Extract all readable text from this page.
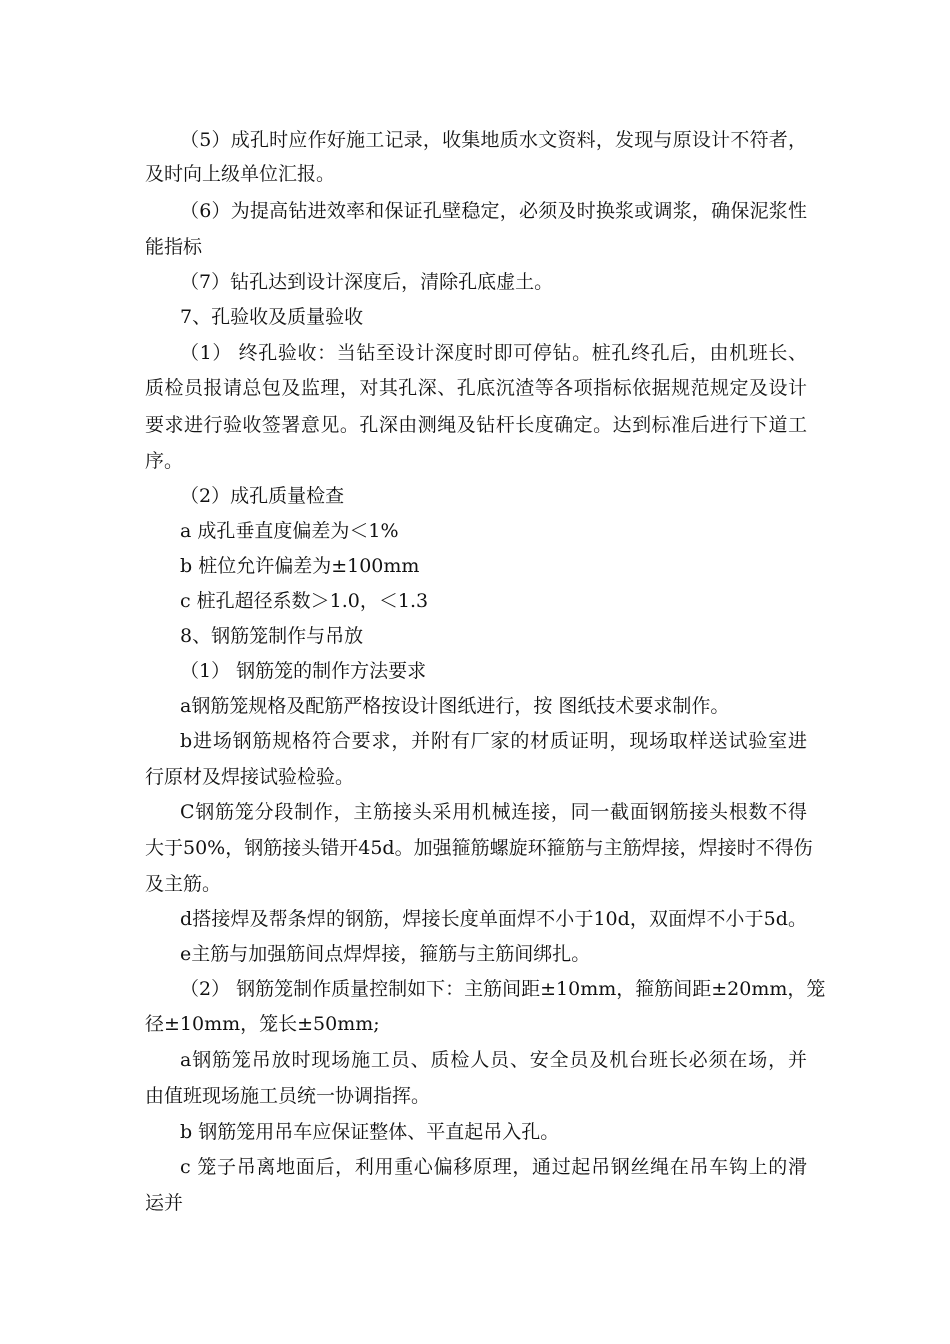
（5）成孔时应作好施工记录，收集地质水文资料，发现与原设计不符者，
及时向上级单位汇报。
（6）为提高钻进效率和保证孔壁稳定，必须及时换浆或调浆，确保泥浆性
能指标
（7）钻孔达到设计深度后，清除孔底虚土。
7、孔验收及质量验收
（1） 终孔验收：当钻至设计深度时即可停钻。桩孔终孔后，由机班长、
质检员报请总包及监理，对其孔深、孔底沉渣等各项指标依据规范规定及设计
要求进行验收签署意见。孔深由测绳及钻杆长度确定。达到标准后进行下道工
序。
（2）成孔质量检查
a 成孔垂直度偏差为＜1%
b 桩位允许偏差为±100mm
c 桩孔超径系数＞1.0，＜1.3
8、钢筋笼制作与吊放
（1） 钢筋笼的制作方法要求
a钢筋笼规格及配筋严格按设计图纸进行，按 图纸技术要求制作。
b进场钢筋规格符合要求，并附有厂家的材质证明，现场取样送试验室进
行原材及焊接试验检验。
C钢筋笼分段制作，主筋接头采用机械连接，同一截面钢筋接头根数不得
大于50%，钢筋接头错开45d。加强箍筋螺旋环箍筋与主筋焊接，焊接时不得伤
及主筋。
d搭接焊及帮条焊的钢筋，焊接长度单面焊不小于10d，双面焊不小于5d。
e主筋与加强筋间点焊焊接，箍筋与主筋间绑扎。
（2） 钢筋笼制作质量控制如下：主筋间距±10mm，箍筋间距±20mm，笼
径±10mm，笼长±50mm;
a钢筋笼吊放时现场施工员、质检人员、安全员及机台班长必须在场，并
由值班现场施工员统一协调指挥。
b 钢筋笼用吊车应保证整体、平直起吊入孔。
c 笼子吊离地面后，利用重心偏移原理，通过起吊钢丝绳在吊车钩上的滑
运并
